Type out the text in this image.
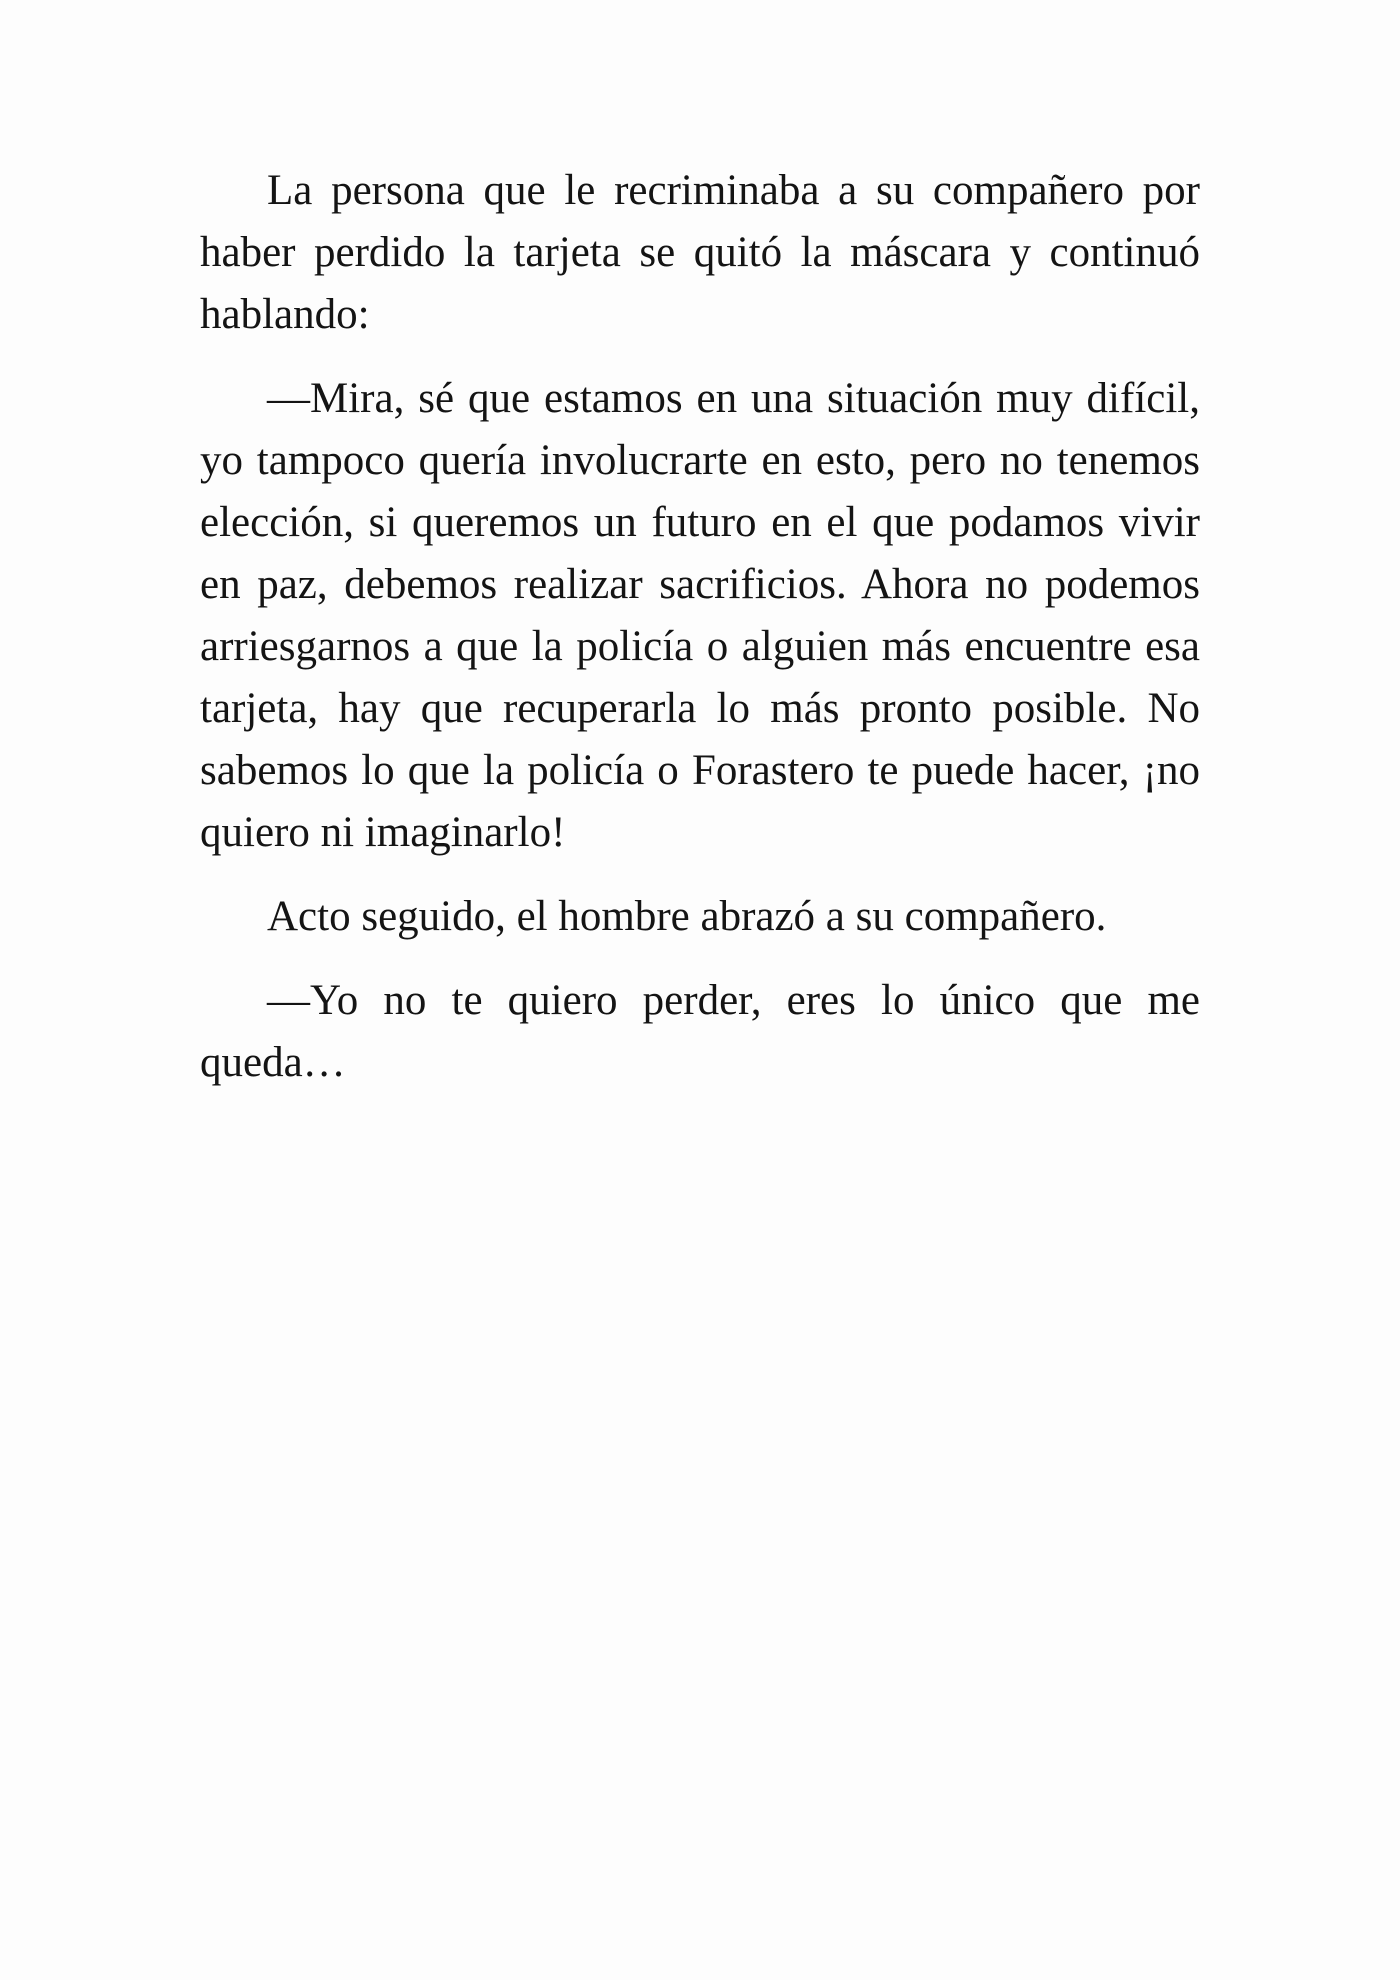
La persona que le recriminaba a su compañero por haber perdido la tarjeta se quitó la máscara y continuó hablando:

—Mira, sé que estamos en una situación muy difícil, yo tampoco quería involucrarte en esto, pero no tenemos elección, si queremos un futuro en el que podamos vivir en paz, debemos realizar sacrificios. Ahora no podemos arriesgarnos a que la policía o alguien más encuentre esa tarjeta, hay que recuperarla lo más pronto posible. No sabemos lo que la policía o Forastero te puede hacer, ¡no quiero ni imaginarlo!

Acto seguido, el hombre abrazó a su compañero.

—Yo no te quiero perder, eres lo único que me queda…
